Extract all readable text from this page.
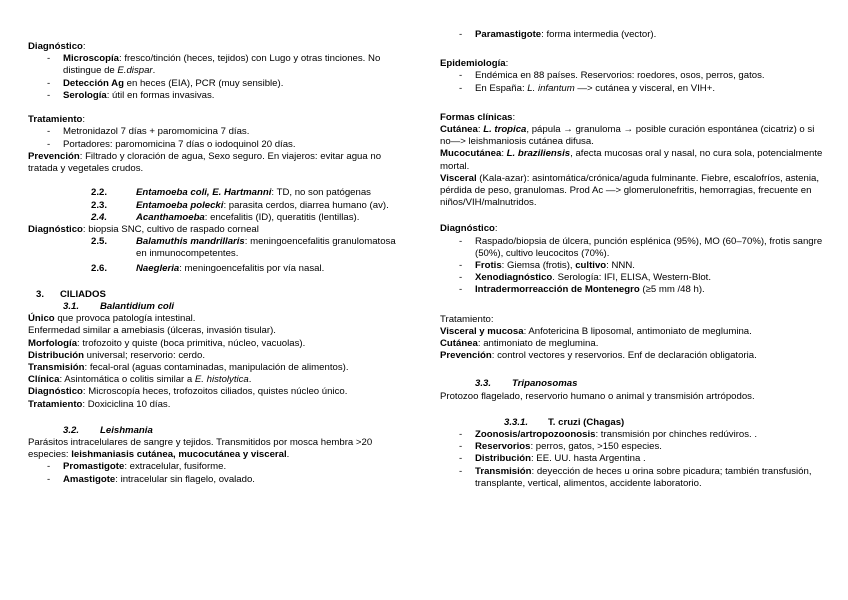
Diagnóstico:

- Microscopía: fresco/tinción (heces, tejidos) con Lugo y otras tinciones. No distingue de E.dispar.
- Detección Ag en heces (EIA), PCR (muy sensible).
- Serología: útil en formas invasivas.

Tratamiento:

- Metronidazol 7 días + paromomicina 7 días.
- Portadores: paromomicina 7 días o iodoquinol 20 días.

Prevención: Filtrado y cloración de agua, Sexo seguro. En viajeros: evitar agua no tratada y vegetales crudos.

2.2.	Entamoeba coli, E. Hartmanni: TD, no son patógenas
2.3.	Entamoeba polecki: parasita cerdos, diarrea humano (av).
2.4.	Acanthamoeba: encefalitis (ID), queratitis (lentillas).

Diagnóstico: biopsia SNC, cultivo de raspado corneal

2.5.	Balamuthis mandrillaris: meningoencefalitis granulomatosa en inmunocompetentes.
2.6.	Naegleria: meningoencefalitis por vía nasal.
3. CILIADOS
3.1. Balantidium coli

Único que provoca patología intestinal.

Enfermedad similar a amebiasis (úlceras, invasión tisular).

Morfología: trofozoito y quiste (boca primitiva, núcleo, vacuolas).

Distribución universal; reservorio: cerdo.

Transmisión: fecal-oral (aguas contaminadas, manipulación de alimentos).

Clínica: Asintomática o colitis similar a E. histolytica.

Diagnóstico: Microscopía heces, trofozoitos ciliados, quistes núcleo único.

Tratamiento: Doxiciclina 10 días.

3.2. Leishmania

Parásitos intracelulares de sangre y tejidos. Transmitidos por mosca hembra >20 especies: leishmaniasis cutánea, mucocutánea y visceral.

- Promastigote: extracelular, fusiforme.
- Amastigote: intracelular sin flagelo, ovalado.
- Paramastigote: forma intermedia (vector).

Epidemiología:

- Endémica en 88 países. Reservorios: roedores, osos, perros, gatos.
- En España: L. infantum —> cutánea y visceral, en VIH+.

Formas clínicas:

Cutánea: L. tropica, pápula → granuloma → posible curación espontánea (cicatriz) o si no—> leishmaniosis cutánea difusa.

Mucocutánea: L. braziliensis, afecta mucosas oral y nasal, no cura sola, potencialmente mortal.

Visceral (Kala-azar): asintomática/crónica/aguda fulminante. Fiebre, escalofríos, astenia, pérdida de peso, granulomas. Prod Ac —> glomerulonefritis, hemorragias, frecuente en niños/VIH/malnutridos.

Diagnóstico:

- Raspado/biopsia de úlcera, punción esplénica (95%), MO (60–70%), frotis sangre (50%), cultivo leucocitos (70%).
- Frotis: Giemsa (frotis), cultivo: NNN.
- Xenodiagnóstico. Serología: IFI, ELISA, Western-Blot.
- Intradermorreacción de Montenegro (≥5 mm /48 h).

Tratamiento:

Visceral y mucosa: Anfotericina B liposomal, antimoniato de meglumina.

Cutánea: antimoniato de meglumina.

Prevención: control vectores y reservorios. Enf de declaración obligatoria.

3.3. Tripanosomas

Protozoo flagelado, reservorio humano o animal y transmisión artrópodos.

3.3.1. T. cruzi (Chagas)
- Zoonosis/artropozoonosis: transmisión por chinches redúviros. .
- Reservorios: perros, gatos, >150 especies.
- Distribución: EE. UU. hasta Argentina .
- Transmisión: deyección de heces u orina sobre picadura; también transfusión, transplante, vertical, alimentos, accidente laboratorio.
